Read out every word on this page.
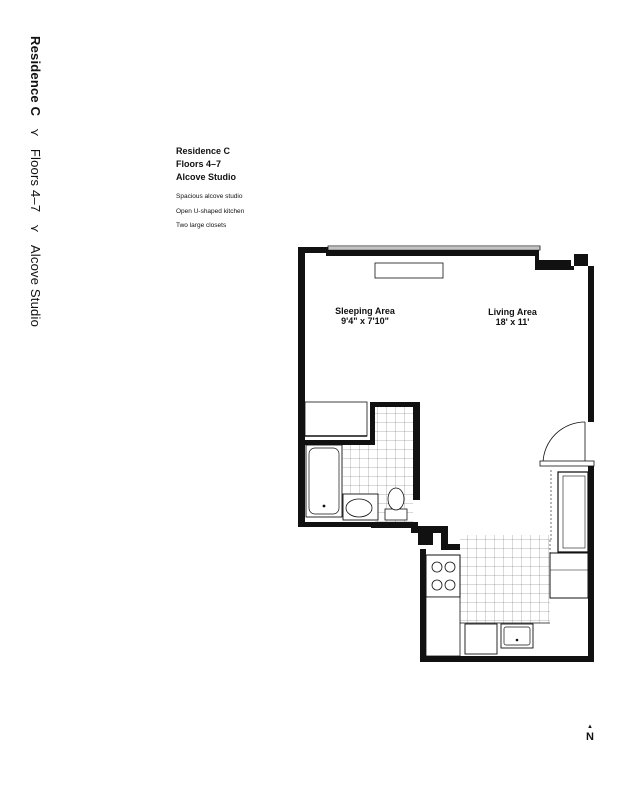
Residence C ⋎ Floors 4–7 ⋎ Alcove Studio
Residence C
Floors 4–7
Alcove Studio
Spacious alcove studio
Open U-shaped kitchen
Two large closets
Sleeping Area
9'4" x 7'10"
Living Area
18' x 11'
▲
N
